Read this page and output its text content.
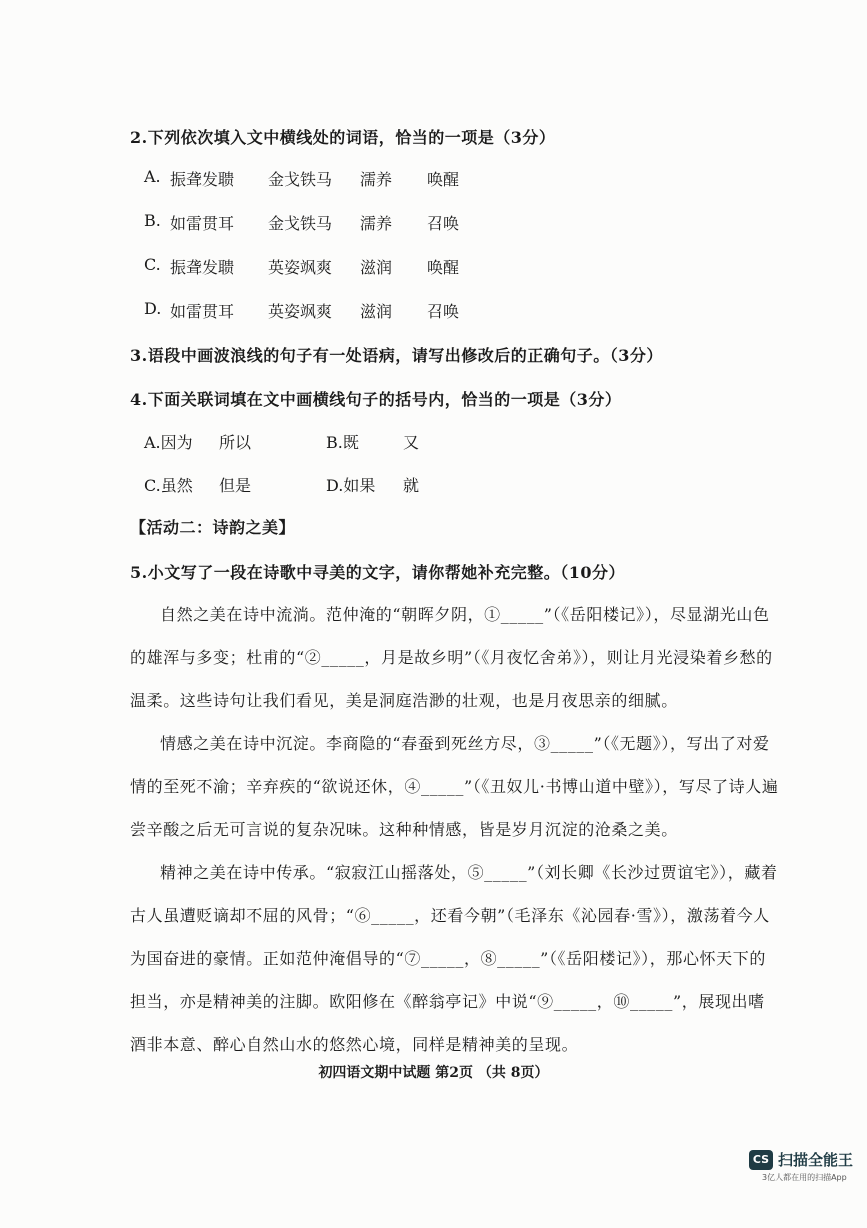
2.下列依次填入文中横线处的词语，恰当的一项是（3分）
A. 振聋发聩 金戈铁马 濡养 唤醒
B. 如雷贯耳 金戈铁马 濡养 召唤
C. 振聋发聩 英姿飒爽 滋润 唤醒
D. 如雷贯耳 英姿飒爽 滋润 召唤
3.语段中画波浪线的句子有一处语病，请写出修改后的正确句子。（3分）
4.下面关联词填在文中画横线句子的括号内，恰当的一项是（3分）
A.因为 所以	B.既	又
C.虽然 但是	D.如果 就
【活动二：诗韵之美】
5.小文写了一段在诗歌中寻美的文字，请你帮她补充完整。（10分）
自然之美在诗中流淌。范仲淹的“朝晖夕阴，①_____”（《岳阳楼记》），尽显湖光山色的雄浑与多变；杜甫的“②_____，月是故乡明”（《月夜忆舍弟》），则让月光浸染着乡愁的温柔。这些诗句让我们看见，美是洞庭浩渺的壮观，也是月夜思亲的细腻。
情感之美在诗中沉淀。李商隐的“春蚕到死丝方尽，③_____”（《无题》），写出了对爱情的至死不渝；辛弃疾的“欲说还休，④_____”（《丑奴儿·书博山道中壁》），写尽了诗人遍尝辛酸之后无可言说的复杂况味。这种种情感，皆是岁月沉淀的沧桑之美。
精神之美在诗中传承。“寂寂江山摇落处，⑤_____”（刘长卿《长沙过贾谊宅》），藏着古人虽遭贬谪却不屈的风骨；“⑥_____，还看今朝”（毛泽东《沁园春·雪》），激荡着今人为国奋进的豪情。正如范仲淹倡导的“⑦_____，⑧_____”（《岳阳楼记》），那心怀天下的担当，亦是精神美的注脚。欧阳修在《醉翁亭记》中说“⑨_____，⑩_____”，展现出嗜酒非本意、醉心自然山水的悠然心境，同样是精神美的呈现。
初四语文期中试题 第2页 （共 8页）
CS 扫描全能王
3亿人都在用的扫描App
